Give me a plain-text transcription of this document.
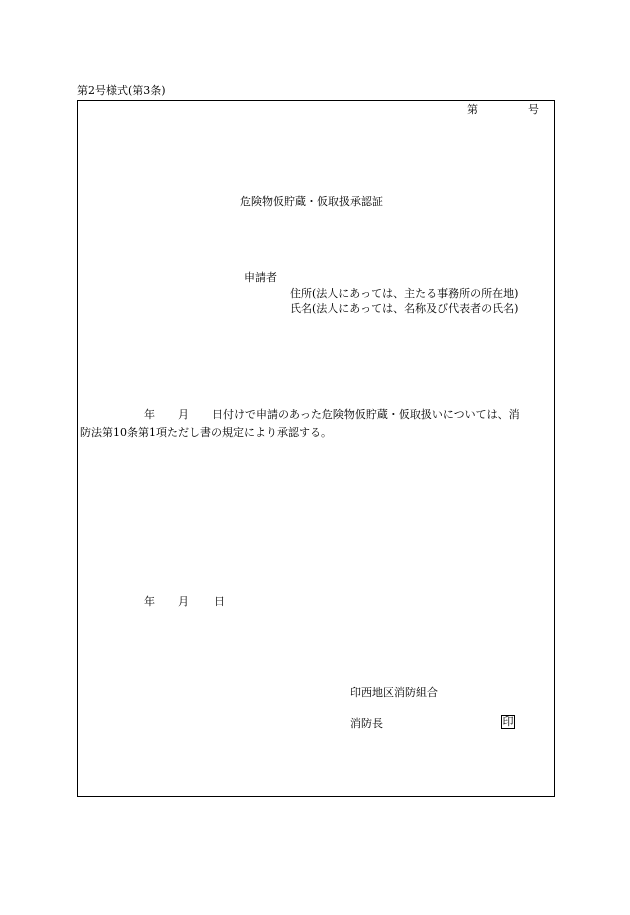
第2号様式(第3条)
第	号
危険物仮貯蔵・仮取扱承認証
申請者
住所(法人にあっては、主たる事務所の所在地)
氏名(法人にあっては、名称及び代表者の氏名)
年 月 日付けで申請のあった危険物仮貯蔵・仮取扱いについては、消
防法第10条第1項ただし書の規定により承認する。
年 月 日
印西地区消防組合
消防長	印
